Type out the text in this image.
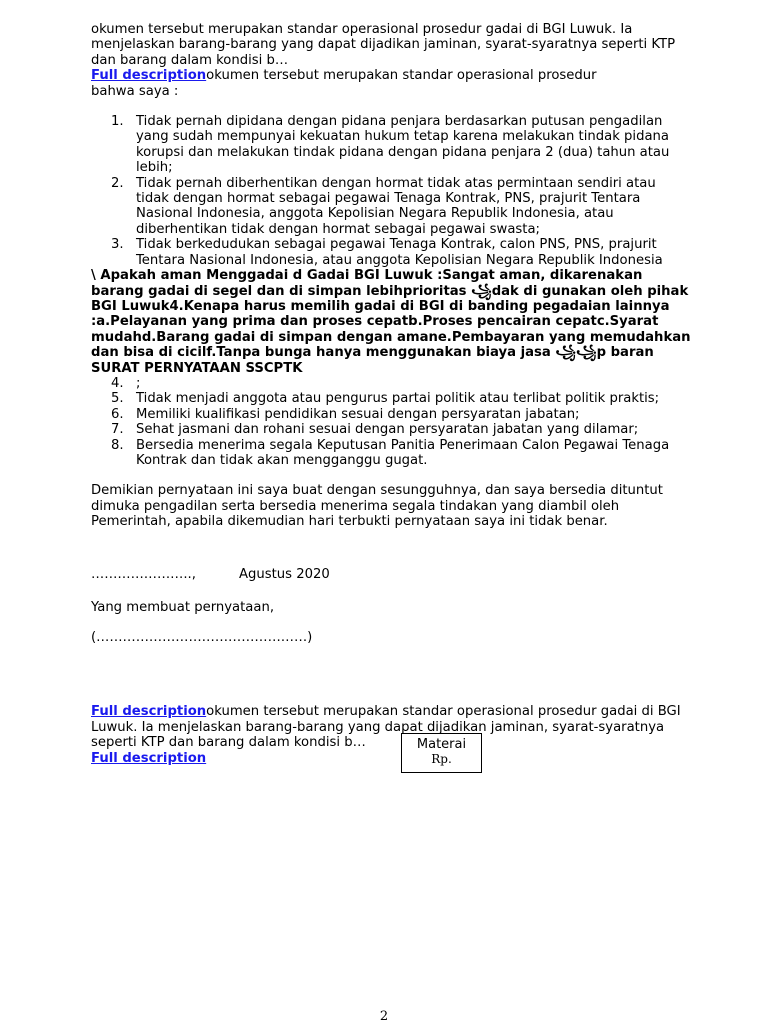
okumen tersebut merupakan standar operasional prosedur gadai di BGI Luwuk. Ia menjelaskan barang-barang yang dapat dijadikan jaminan, syarat-syaratnya seperti KTP dan barang dalam kondisi b…

Full descriptionokumen tersebut merupakan standar operasional prosedur

bahwa saya :

1. Tidak pernah dipidana dengan pidana penjara berdasarkan putusan pengadilan yang sudah mempunyai kekuatan hukum tetap karena melakukan tindak pidana korupsi dan melakukan tindak pidana dengan pidana penjara 2 (dua) tahun atau lebih;
2. Tidak pernah diberhentikan dengan hormat tidak atas permintaan sendiri atau tidak dengan hormat sebagai pegawai Tenaga Kontrak, PNS, prajurit Tentara Nasional Indonesia, anggota Kepolisian Negara Republik Indonesia, atau diberhentikan tidak dengan hormat sebagai pegawai swasta;
3. Tidak berkedudukan sebagai pegawai Tenaga Kontrak, calon PNS, PNS, prajurit Tentara Nasional Indonesia, atau anggota Kepolisian Negara Republik Indonesia

\ Apakah aman Menggadai d Gadai BGI Luwuk :Sangat aman, dikarenakan barang gadai di segel dan di simpan lebihprioritas ꧁dak di gunakan oleh pihak BGI Luwuk4.Kenapa harus memilih gadai di BGI di banding pegadaian lainnya :a.Pelayanan yang prima dan proses cepatb.Proses pencairan cepatc.Syarat mudahd.Barang gadai di simpan dengan amane.Pembayaran yang memudahkan dan bisa di cicilf.Tanpa bunga hanya menggunakan biaya jasa ꧁꧁p baran

SURAT PERNYATAAN SSCPTK

4. ;
5. Tidak menjadi anggota atau pengurus partai politik atau terlibat politik praktis;
6. Memiliki kualifikasi pendidikan sesuai dengan persyaratan jabatan;
7. Sehat jasmani dan rohani sesuai dengan persyaratan jabatan yang dilamar;
8. Bersedia menerima segala Keputusan Panitia Penerimaan Calon Pegawai Tenaga Kontrak dan tidak akan mengganggu gugat.

Demikian pernyataan ini saya buat dengan sesungguhnya, dan saya bersedia dituntut dimuka pengadilan serta bersedia menerima segala tindakan yang diambil oleh Pemerintah, apabila dikemudian hari terbukti pernyataan saya ini tidak benar.

…………………..,	Agustus 2020

Yang membuat pernyataan,

(…………………………………………)

Full descriptionokumen tersebut merupakan standar operasional prosedur gadai di BGI Luwuk. Ia menjelaskan barang-barang yang dapat dijadikan jaminan, syarat-syaratnya seperti KTP dan barang dalam kondisi b…

Full description

Materai
Rp.
2
